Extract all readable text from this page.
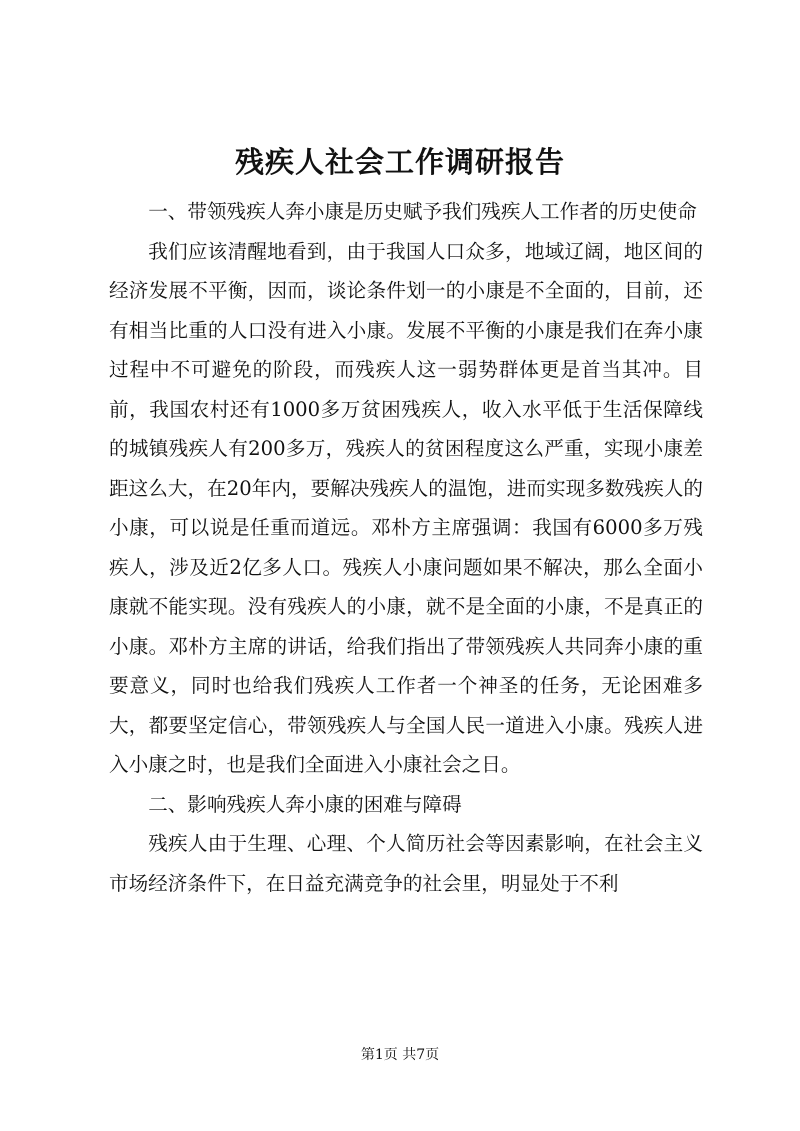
残疾人社会工作调研报告

一、带领残疾人奔小康是历史赋予我们残疾人工作者的历史使命

我们应该清醒地看到，由于我国人口众多，地域辽阔，地区间的经济发展不平衡，因而，谈论条件划一的小康是不全面的，目前，还有相当比重的人口没有进入小康。发展不平衡的小康是我们在奔小康过程中不可避免的阶段，而残疾人这一弱势群体更是首当其冲。目前，我国农村还有1000多万贫困残疾人，收入水平低于生活保障线的城镇残疾人有200多万，残疾人的贫困程度这么严重，实现小康差距这么大，在20年内，要解决残疾人的温饱，进而实现多数残疾人的小康，可以说是任重而道远。邓朴方主席强调：我国有6000多万残疾人，涉及近2亿多人口。残疾人小康问题如果不解决，那么全面小康就不能实现。没有残疾人的小康，就不是全面的小康，不是真正的小康。邓朴方主席的讲话，给我们指出了带领残疾人共同奔小康的重要意义，同时也给我们残疾人工作者一个神圣的任务，无论困难多大，都要坚定信心，带领残疾人与全国人民一道进入小康。残疾人进入小康之时，也是我们全面进入小康社会之日。

二、影响残疾人奔小康的困难与障碍

残疾人由于生理、心理、个人简历社会等因素影响，在社会主义市场经济条件下，在日益充满竞争的社会里，明显处于不利

第1页 共7页
